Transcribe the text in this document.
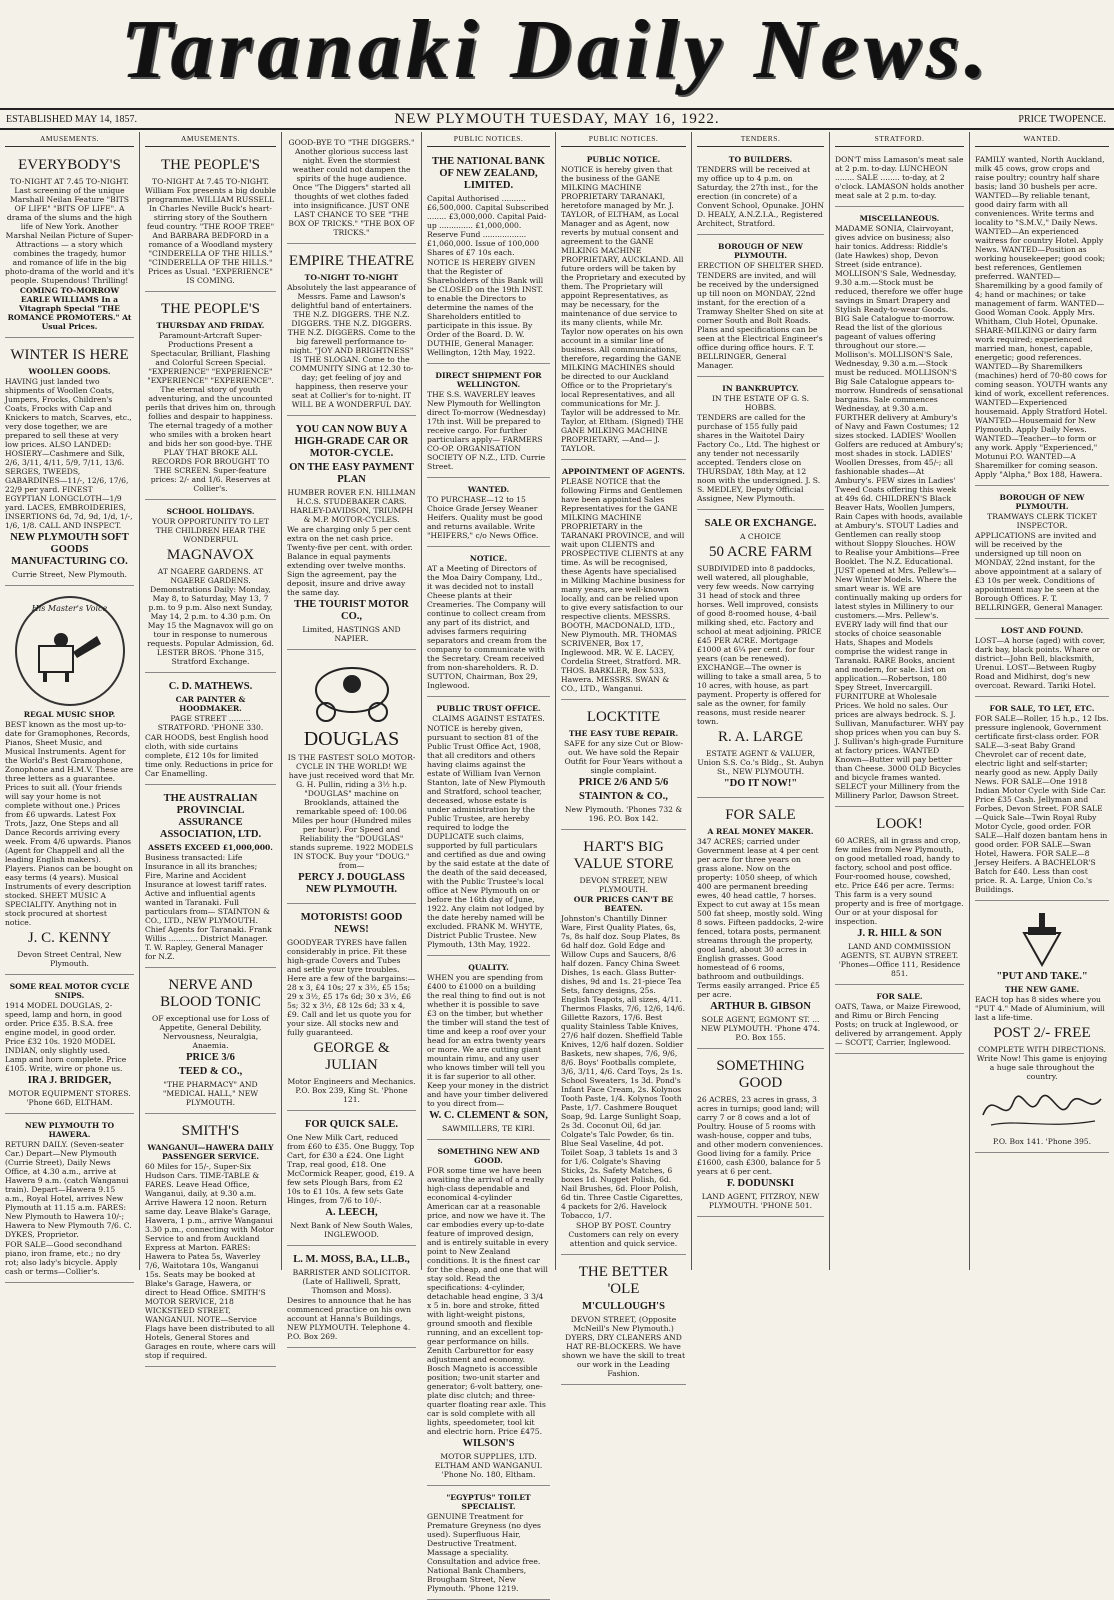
Taranaki Daily News.
ESTABLISHED MAY 14, 1857.	NEW PLYMOUTH TUESDAY, MAY 16, 1922.	PRICE TWOPENCE.
AMUSEMENTS.
EVERYBODY'S

TO-NIGHT AT 7.45 TO-NIGHT. Last screening of the unique Marshall Neilan Feature "BITS OF LIFE" "BITS OF LIFE". A drama of the slums and the high life of New York. Another Marshal Neilan Picture of Super-Attractions — a story which combines the tragedy, humor and romance of life in the big photo-drama of the world and it's people. Stupendous! Thrilling!

COMING TO-MORROW EARLE WILLIAMS In a Vitagraph Special "THE ROMANCE PROMOTERS." At Usual Prices.

WINTER IS HERE

WOOLLEN GOODS.

HAVING just landed two shipments of Woollen Coats, Jumpers, Frocks, Children's Coats, Frocks with Cap and Knickers to match, Scarves, etc., very dose together, we are prepared to sell these at very low prices. ALSO LANDED: HOSIERY—Cashmere and Silk, 2/6, 3/11, 4/11, 5/9, 7/11, 13/6. SERGES, TWEEDS, GABARDINES—11/-, 12/6, 17/6, 22/9 per yard. FINEST EGYPTIAN LONGCLOTH—1/9 yard. LACES, EMBROIDERIES, INSERTIONS 6d, 7d, 9d, 1/d, 1/-, 1/6, 1/8. CALL AND INSPECT.

NEW PLYMOUTH SOFT GOODS MANUFACTURING CO.

Currie Street, New Plymouth.

His Master's Voice

REGAL MUSIC SHOP.

BEST known as the most up-to-date for Gramophones, Records, Pianos, Sheet Music, and Musical Instruments. Agent for the World's Best Gramophone, Zonophone and H.M.V. These are three letters as a guarantee. Prices to suit all. (Your friends will say your home is not complete without one.) Prices from £6 upwards. Latest Fox Trots, Jazz, One Steps and all Dance Records arriving every week. From 4/6 upwards. Pianos (Agent for Chappell and all the leading English makers). Players. Pianos can be bought on easy terms (4 years). Musical Instruments of every description stocked. SHEET MUSIC A SPECIALITY. Anything not in stock procured at shortest notice.

J. C. KENNY

Devon Street Central, New Plymouth.

SOME REAL MOTOR CYCLE SNIPS.

1914 MODEL DOUGLAS, 2-speed, lamp and horn, in good order. Price £35. B.S.A. free engine model, in good order. Price £32 10s. 1920 MODEL INDIAN, only slightly used. Lamp and horn complete. Price £105. Write, wire or phone us.

IRA J. BRIDGER,

MOTOR EQUIPMENT STORES. 'Phone 66D, ELTHAM.

NEW PLYMOUTH TO HAWERA.

RETURN DAILY. (Seven-seater Car.) Depart—New Plymouth (Currie Street), Daily News Office, at 4.30 a.m., arrive at Hawera 9 a.m. (catch Wanganui train). Depart—Hawera 9.15 a.m., Royal Hotel, arrives New Plymouth at 11.15 a.m. FARES: New Plymouth to Hawera 10/-; Hawera to New Plymouth 7/6. C. DYKES, Proprietor.

FOR SALE—Good secondhand piano, iron frame, etc.; no dry rot; also lady's bicycle. Apply cash or terms—Collier's.

AMUSEMENTS.
THE PEOPLE'S

TO-NIGHT At 7.45 TO-NIGHT. William Fox presents a big double programme. WILLIAM RUSSELL In Charles Neville Buck's heart-stirring story of the Southern feud country. "THE ROOF TREE" And BARBARA BEDFORD in a romance of a Woodland mystery "CINDERELLA OF THE HILLS." "CINDERELLA OF THE HILLS." Prices as Usual. "EXPERIENCE" IS COMING.

THE PEOPLE'S

THURSDAY AND FRIDAY.

Paramount-Artcraft Super-Productions Present a Spectacular, Brilliant, Flashing and Colorful Screen Special. "EXPERIENCE" "EXPERIENCE" "EXPERIENCE" "EXPERIENCE". The eternal story of youth adventuring, and the uncounted perils that drives him on, through follies and despair to happiness. The eternal tragedy of a mother who smiles with a broken heart and bids her son good-bye. THE PLAY THAT BROKE ALL RECORDS FOR BROUGHT TO THE SCREEN. Super-feature prices: 2/- and 1/6. Reserves at Collier's.

SCHOOL HOLIDAYS.

YOUR OPPORTUNITY TO LET THE CHILDREN HEAR THE WONDERFUL

MAGNAVOX

AT NGAERE GARDENS. AT NGAERE GARDENS. Demonstrations Daily: Monday, May 8, to Saturday, May 13, 7 p.m. to 9 p.m. Also next Sunday, May 14, 2 p.m. to 4.30 p.m. On May 15 the Magnavox will go on tour in response to numerous requests. Popular Admission, 6d. LESTER BROS. 'Phone 315, Stratford Exchange.

C. D. MATHEWS.

CAR PAINTER & HOODMAKER.

PAGE STREET ......... STRATFORD. 'PHONE 330.

CAR HOODS, best English hood cloth, with side curtains complete, £12 10s for limited time only. Reductions in price for Car Enamelling.

THE AUSTRALIAN PROVINCIAL ASSURANCE ASSOCIATION, LTD.

ASSETS EXCEED £1,000,000.

Business transacted: Life Insurance in all its branches; Fire, Marine and Accident Insurance at lowest tariff rates. Active and influential agents wanted in Taranaki. Full particulars from— STAINTON & CO., LTD., NEW PLYMOUTH. Chief Agents for Taranaki. Frank Willis ............ District Manager. T. W. Rapley, General Manager for N.Z.

NERVE AND BLOOD TONIC

OF exceptional use for Loss of Appetite, General Debility, Nervousness, Neuralgia, Anaemia.

PRICE 3/6
TEED & CO.,

"THE PHARMACY" AND "MEDICAL HALL," NEW PLYMOUTH.

SMITH'S

WANGANUI—HAWERA DAILY PASSENGER SERVICE.

60 Miles for 15/-, Super-Six Hudson Cars. TIME-TABLE & FARES. Leave Head Office, Wanganui, daily, at 9.30 a.m. Arrive Hawera 12 noon. Return same day. Leave Blake's Garage, Hawera, 1 p.m., arrive Wanganui 3.30 p.m., connecting with Motor Service to and from Auckland Express at Marton. FARES: Hawera to Patea 5s, Waverley 7/6, Waitotara 10s, Wanganui 15s. Seats may be booked at Blake's Garage, Hawera, or direct to Head Office. SMITH'S MOTOR SERVICE, 218 WICKSTEED STREET, WANGANUI. NOTE—Service Flags have been distributed to all Hotels, General Stores and Garages en route, where cars will stop if required.

GOOD-BYE TO "THE DIGGERS." Another glorious success last night. Even the stormiest weather could not dampen the spirits of the huge audience. Once "The Diggers" started all thoughts of wet clothes faded into insignificance. JUST ONE LAST CHANCE TO SEE "THE BOX OF TRICKS." "THE BOX OF TRICKS."

EMPIRE THEATRE

TO-NIGHT TO-NIGHT

Absolutely the last appearance of Messrs. Fame and Lawson's delightful band of entertainers. THE N.Z. DIGGERS. THE N.Z. DIGGERS. THE N.Z. DIGGERS. THE N.Z. DIGGERS. Come to the big farewell performance to-night. "JOY AND BRIGHTNESS" IS THE SLOGAN. Come to the COMMUNITY SING at 12.30 to-day; get feeling of joy and happiness, then reserve your seat at Collier's for to-night. IT WILL BE A WONDERFUL DAY.

YOU CAN NOW BUY A HIGH-GRADE CAR OR MOTOR-CYCLE.
ON THE EASY PAYMENT PLAN

HUMBER ROVER F.N. HILLMAN H.C.S. STUDEBAKER CARS. HARLEY-DAVIDSON, TRIUMPH & M.P. MOTOR-CYCLES.

We are charging only 5 per cent extra on the net cash price. Twenty-five per cent. with order. Balance in equal payments extending over twelve months. Sign the agreement, pay the deposit, insure and drive away the same day.

THE TOURIST MOTOR CO.,

Limited, HASTINGS AND NAPIER.

DOUGLAS

IS THE FASTEST SOLO MOTOR-CYCLE IN THE WORLD! WE have just received word that Mr. G. H. Pullin, riding a 3½ h.p. "DOUGLAS" machine on Brooklands, attained the remarkable speed of: 100.06 Miles per hour (Hundred miles per hour). For Speed and Reliability the "DOUGLAS" stands supreme. 1922 MODELS IN STOCK. Buy your "DOUG." from—

PERCY J. DOUGLASS NEW PLYMOUTH.
MOTORISTS! GOOD NEWS!

GOODYEAR TYRES have fallen considerably in price. Fit these high-grade Covers and Tubes and settle your tyre troubles. Here are a few of the bargains:— 28 x 3, £4 10s; 27 x 3½, £5 15s; 29 x 3½, £5 17s 6d; 30 x 3½, £6 5s; 32 x 3½, £8 12s 6d; 33 x 4, £9. Call and let us quote you for your size. All stocks new and fully guaranteed.

GEORGE & JULIAN

Motor Engineers and Mechanics. P.O. Box 239, King St. 'Phone 121.

FOR QUICK SALE.

One New Milk Cart, reduced from £60 to £35. One Buggy, Top Cart, for £30 a £24. One Light Trap, real good, £18. One McCormick Reaper, good, £19. A few sets Plough Bars, from £2 10s to £1 10s. A few sets Gate Hinges, from 7/6 to 10/-.

A. LEECH,

Next Bank of New South Wales, INGLEWOOD.

L. M. MOSS, B.A., LL.B.,

BARRISTER AND SOLICITOR. (Late of Halliwell, Spratt, Thomson and Moss).

Desires to announce that he has commenced practice on his own account at Hanna's Buildings, NEW PLYMOUTH. Telephone 4. P.O. Box 269.

PUBLIC NOTICES.
THE NATIONAL BANK OF NEW ZEALAND, LIMITED.

Capital Authorised .......... £6,500,000. Capital Subscribed ........ £3,000,000. Capital Paid-up .............. £1,000,000. Reserve Fund .................. £1,060,000. Issue of 100,000 Shares of £7 10s each.

NOTICE IS HEREBY GIVEN that the Register of Shareholders of this Bank will be CLOSED on the 19th INST. to enable the Directors to determine the names of the Shareholders entitled to participate in this issue. By Order of the Board. D. W. DUTHIE, General Manager. Wellington, 12th May, 1922.

DIRECT SHIPMENT FOR WELLINGTON.

THE S.S. WAVERLEY leaves New Plymouth for Wellington direct To-morrow (Wednesday) 17th inst. Will be prepared to receive cargo. For further particulars apply— FARMERS CO-OP. ORGANISATION SOCIETY OF N.Z., LTD. Currie Street.

WANTED.

TO PURCHASE—12 to 15 Choice Grade Jersey Weaner Heifers. Quality must be good and returns available. Write "HEIFERS," c/o News Office.

NOTICE.

AT a Meeting of Directors of the Moa Dairy Company, Ltd., it was decided not to install Cheese plants at their Creameries. The Company will continue to collect cream from any part of its district, and advises farmers requiring separators and cream from the company to communicate with the Secretary. Cream received from non-shareholders. R. D. SUTTON, Chairman, Box 29, Inglewood.

PUBLIC TRUST OFFICE.

CLAIMS AGAINST ESTATES.

NOTICE is hereby given, pursuant to section 81 of the Public Trust Office Act, 1908, that all creditors and others having claims against the estate of William Ivan Vernon Stanton, late of New Plymouth and Stratford, school teacher, deceased, whose estate is under administration by the Public Trustee, are hereby required to lodge the DUPLICATE such claims, supported by full particulars and certified as due and owing by the said estate at the date of the death of the said deceased, with the Public Trustee's local office at New Plymouth on or before the 16th day of June, 1922. Any claim not lodged by the date hereby named will be excluded. FRANK M. WHYTE, District Public Trustee. New Plymouth, 13th May, 1922.

QUALITY.

WHEN you are spending from £400 to £1000 on a building the real thing to find out is not whether it is possible to save £3 on the timber, but whether the timber will stand the test of time and keep a roof over your head for an extra twenty years or more. We are cutting giant mountain rimu, and any user who knows timber will tell you it is far superior to all other. Keep your money in the district and have your timber delivered to you direct from—

W. C. CLEMENT & SON,

SAWMILLERS, TE KIRI.

SOMETHING NEW AND GOOD.

FOR some time we have been awaiting the arrival of a really high-class dependable and economical 4-cylinder American car at a reasonable price, and now we have it. The car embodies every up-to-date feature of improved design, and is entirely suitable in every point to New Zealand conditions. It is the finest car for the cheap, and one that will stay sold. Read the specifications: 4-cylinder, detachable head engine, 3 3/4 x 5 in. bore and stroke, fitted with light-weight pistons, ground smooth and flexible running, and an excellent top-gear performance on hills. Zenith Carburettor for easy adjustment and economy. Bosch Magneto is accessible position; two-unit starter and generator; 6-volt battery, one-plate disc clutch; and three-quarter floating rear axle. This car is sold complete with all lights, speedometer, tool kit and electric horn. Price £475.

WILSON'S

MOTOR SUPPLIES, LTD. ELTHAM AND WANGANUI. 'Phone No. 180, Eltham.

"EGYPTUS" TOILET SPECIALIST.

GENUINE Treatment for Premature Greyness (no dyes used). Superfluous Hair, Destructive Treatment. Massage a speciality. Consultation and advice free. National Bank Chambers, Brougham Street, New Plymouth. 'Phone 1219.

PUBLIC NOTICES.

PUBLIC NOTICE.

NOTICE is hereby given that the business of the GANE MILKING MACHINE PROPRIETARY TARANAKI, heretofore managed by Mr. J. TAYLOR, of ELTHAM, as Local Manager and as Agent, now reverts by mutual consent and agreement to the GANE MILKING MACHINE PROPRIETARY, AUCKLAND. All future orders will be taken by the Proprietary and executed by them. The Proprietary will appoint Representatives, as may be necessary, for the maintenance of due service to its many clients, while Mr. Taylor now operates on his own account in a similar line of business. All communications, therefore, regarding the GANE MILKING MACHINES should be directed to our Auckland Office or to the Proprietary's local Representatives, and all communications for Mr. J. Taylor will be addressed to Mr. Taylor, at Eltham. (Signed) THE GANE MILKING MACHINE PROPRIETARY, —And— J. TAYLOR.

APPOINTMENT OF AGENTS.

PLEASE NOTICE that the following Firms and Gentlemen have been appointed Sales Representatives for the GANE MILKING MACHINE PROPRIETARY in the TARANAKI PROVINCE, and will wait upon CLIENTS and PROSPECTIVE CLIENTS at any time. As will be recognised, these Agents have specialised in Milking Machine business for many years, are well-known locally, and can be relied upon to give every satisfaction to our respective clients. MESSRS. BOOTH, MACDONALD, LTD., New Plymouth. MR. THOMAS SCRIVENER, Box 17, Inglewood. MR. W. E. LACEY, Cordelia Street, Stratford. MR. THOS. BARKLER, Box 533, Hawera. MESSRS. SWAN & CO., LTD., Wanganui.

LOCKTITE

THE EASY TUBE REPAIR.

SAFE for any size Cut or Blow-out. We have sold the Repair Outfit for Four Years without a single complaint.

PRICE 2/6 AND 5/6
STAINTON & CO.,

New Plymouth. 'Phones 732 & 196. P.O. Box 142.

HART'S BIG VALUE STORE

DEVON STREET, NEW PLYMOUTH.

OUR PRICES CAN'T BE BEATEN.

Johnston's Chantilly Dinner Ware, First Quality Plates, 6s, 7s, 8s half doz. Soup Plates, 8s 6d half doz. Gold Edge and Willow Cups and Saucers, 8/6 half dozen. Fancy China Sweet Dishes, 1s each. Glass Butter-dishes, 9d and 1s. 21-piece Tea Sets, fancy designs, 25s. English Teapots, all sizes, 4/11. Thermos Flasks, 7/6, 12/6, 14/6. Gillette Razors, 17/6. Best quality Stainless Table Knives, 27/6 half dozen. Sheffield Table Knives, 12/6 half dozen. Soldier Baskets, new shapes, 7/6, 9/6, 8/6. Boys' Footballs complete, 3/6, 3/11, 4/6. Card Toys, 2s 1s. School Sweaters, 1s 3d. Pond's Infant Face Cream, 2s. Kolynos Tooth Paste, 1/4. Kolynos Tooth Paste, 1/7. Cashmere Bouquet Soap, 9d. Large Sunlight Soap, 2s 3d. Coconut Oil, 6d jar. Colgate's Talc Powder, 6s tin. Blue Seal Vaseline, 4d pot. Toilet Soap, 3 tablets 1s and 3 for 1/6. Colgate's Shaving Sticks, 2s. Safety Matches, 6 boxes 1d. Nugget Polish, 6d. Nail Brushes, 6d. Floor Polish, 6d tin. Three Castle Cigarettes, 4 packets for 2/6. Havelock Tobacco, 1/7.

SHOP BY POST. Country Customers can rely on every attention and quick service.

THE BETTER 'OLE
M'CULLOUGH'S

DEVON STREET, (Opposite McNeill's New Plymouth.) DYERS, DRY CLEANERS AND HAT RE-BLOCKERS. We have shown we have the skill to treat our work in the Leading Fashion.

TENDERS.

TO BUILDERS.

TENDERS will be received at my office up to 4 p.m. on Saturday, the 27th inst., for the erection (in concrete) of a Convent School, Opunake. JOHN D. HEALY, A.N.Z.I.A., Registered Architect, Stratford.

BOROUGH OF NEW PLYMOUTH.

ERECTION OF SHELTER SHED.

TENDERS are invited, and will be received by the undersigned up till noon on MONDAY, 22nd instant, for the erection of a Tramway Shelter Shed on site at corner South and Bolt Roads. Plans and specifications can be seen at the Electrical Engineer's office during office hours. F. T. BELLRINGER, General Manager.

IN BANKRUPTCY.

IN THE ESTATE OF G. S. HOBBS.

TENDERS are called for the purchase of 155 fully paid shares in the Waitotel Dairy Factory Co., Ltd. The highest or any tender not necessarily accepted. Tenders close on THURSDAY, 18th May, at 12 noon with the undersigned. J. S. S. MEDLEY, Deputy Official Assignee, New Plymouth.

SALE OR EXCHANGE.

A CHOICE

50 ACRE FARM

SUBDIVIDED into 8 paddocks, well watered, all ploughable, very few weeds. Now carrying 31 head of stock and three horses. Well improved, consists of good 8-roomed house, 4-bail milking shed, etc. Factory and school at meat adjoining. PRICE £45 PER ACRE. Mortgage £1000 at 6¼ per cent. for four years (can be renewed). EXCHANGE—The owner is willing to take a small area, 5 to 10 acres, with house, as part payment. Property is offered for sale as the owner, for family reasons, must reside nearer town.

R. A. LARGE

ESTATE AGENT & VALUER, Union S.S. Co.'s Bldg., St. Aubyn St., NEW PLYMOUTH.

"DO IT NOW!"
FOR SALE

A REAL MONEY MAKER.

347 ACRES; carried under Government lease at 4 per cent per acre for three years on grass alone. Now on the property: 1050 sheep, of which 400 are permanent breeding ewes, 40 head cattle, 7 horses. Expect to cut away at 15s mean 500 fat sheep, mostly sold. Wing 8 sows. Fifteen paddocks, 2-wire fenced, totara posts, permanent streams through the property, good land, about 30 acres in English grasses. Good homestead of 6 rooms, bathroom and outbuildings. Terms easily arranged. Price £5 per acre.

ARTHUR B. GIBSON

SOLE AGENT, EGMONT ST. ... NEW PLYMOUTH. 'Phone 474. P.O. Box 155.

SOMETHING GOOD

26 ACRES, 23 acres in grass, 3 acres in turnips; good land; will carry 7 or 8 cows and a lot of Poultry. House of 5 rooms with wash-house, copper and tubs, and other modern conveniences. Good living for a family. Price £1600, cash £300, balance for 5 years at 6 per cent.

F. DODUNSKI

LAND AGENT, FITZROY, NEW PLYMOUTH. 'PHONE 501.

STRATFORD.

DON'T miss Lamason's meat sale at 2 p.m. to-day. LUNCHEON ........ SALE ........ to-day, at 2 o'clock. LAMASON holds another meat sale at 2 p.m. to-day.

MISCELLANEOUS.

MADAME SONIA, Clairvoyant, gives advice on business; also hair tonics. Address: Riddle's (late Hawkes) shop, Devon Street (side entrance). MOLLISON'S Sale, Wednesday, 9.30 a.m.—Stock must be reduced, therefore we offer huge savings in Smart Drapery and Stylish Ready-to-wear Goods. BIG Sale Catalogue to-morrow. Read the list of the glorious pageant of values offering throughout our store.—Mollison's. MOLLISON'S Sale, Wednesday, 9.30 a.m.—Stock must be reduced. MOLLISON'S Big Sale Catalogue appears to-morrow. Hundreds of sensational bargains. Sale commences Wednesday, at 9.30 a.m. FURTHER delivery at Ambury's of Navy and Fawn Costumes; 12 sizes stocked. LADIES' Woollen Golfers are reduced at Ambury's; most shades in stock. LADIES' Woollen Dresses, from 45/-; all fashionable shades—At Ambury's. FEW sizes in Ladies' Tweed Coats offering this week at 49s 6d. CHILDREN'S Black Beaver Hats, Woollen Jumpers, Rain Capes with hoods, available at Ambury's. STOUT Ladies and Gentlemen can really stoop without Sloppy Slouches. HOW to Realise your Ambitions—Free Booklet. The N.Z. Educational. JUST opened at Mrs. Pellew's—New Winter Models. Where the smart wear is. WE are continually making up orders for latest styles in Millinery to our customers.—Mrs. Pellew's. EVERY lady will find that our stocks of choice seasonable Hats, Shapes and Models comprise the widest range in Taranaki. RARE Books, ancient and modern, for sale. List on application.—Robertson, 180 Spey Street, Invercargill. FURNITURE at Wholesale Prices. We hold no sales. Our prices are always bedrock. S. J. Sullivan, Manufacturer. WHY pay shop prices when you can buy S. J. Sullivan's high-grade Furniture at factory prices. WANTED Known—Butter will pay better than Cheese. 3000 OLD Bicycles and bicycle frames wanted. SELECT your Millinery from the Millinery Parlor, Dawson Street.

LOOK!

60 ACRES, all in grass and crop, few miles from New Plymouth, on good metalled road, handy to factory, school and post office. Four-roomed house, cowshed, etc. Price £46 per acre. Terms: This farm is a very sound property and is free of mortgage. Our or at your disposal for inspection.

J. R. HILL & SON

LAND AND COMMISSION AGENTS, ST. AUBYN STREET. 'Phones—Office 111, Residence 851.

FOR SALE.

OATS, Tawa, or Maize Firewood, and Rimu or Birch Fencing Posts; on truck at Inglewood, or delivered by arrangement. Apply— SCOTT, Carrier, Inglewood.

WANTED.

FAMILY wanted, North Auckland, milk 45 cows, grow crops and raise poultry; country half share basis; land 30 bushels per acre. WANTED—By reliable tenant, good dairy farm with all conveniences. Write terms and locality to "S.M.V.," Daily News. WANTED—An experienced waitress for country Hotel. Apply News. WANTED—Position as working housekeeper; good cook; best references, Gentlemen preferred. WANTED—Sharemilking by a good family of 4; hand or machines; or take management of farm. WANTED—Good Woman Cook. Apply Mrs. Whitham, Club Hotel, Opunake. SHARE-MILKING or dairy farm work required; experienced married man, honest, capable, energetic; good references. WANTED—By Sharemilkers (machines) herd of 70-80 cows for coming season. YOUTH wants any kind of work, excellent references. WANTED—Experienced housemaid. Apply Stratford Hotel. WANTED—Housemaid for New Plymouth. Apply Daily News. WANTED—Teacher—to form or any work. Apply "Experienced," Motunui P.O. WANTED—A Sharemilker for coming season. Apply "Alpha," Box 188, Hawera.

BOROUGH OF NEW PLYMOUTH.

TRAMWAYS CLERK TICKET INSPECTOR.

APPLICATIONS are invited and will be received by the undersigned up till noon on MONDAY, 22nd instant, for the above appointment at a salary of £3 10s per week. Conditions of appointment may be seen at the Borough Offices. F. T. BELLRINGER, General Manager.

LOST AND FOUND.

LOST—A horse (aged) with cover, dark bay, black points. Whare or district—John Bell, blacksmith, Urenui. LOST—Between Rugby Road and Midhirst, dog's new overcoat. Reward. Tariki Hotel.

FOR SALE, TO LET, ETC.

FOR SALE—Roller, 15 h.p., 12 Ibs. pressure inglenook, Government certificate first-class order. FOR SALE—3-seat Baby Grand Chevrolet car of recent date, electric light and self-starter; nearly good as new. Apply Daily News. FOR SALE—One 1918 Indian Motor Cycle with Side Car. Price £35 Cash. Jellyman and Forbes, Devon Street. FOR SALE—Quick Sale—Twin Royal Ruby Motor Cycle, good order. FOR SALE—Half dozen bantam hens in good order. FOR SALE—Swan Hotel, Hawera. FOR SALE—8 Jersey Heifers. A BACHELOR'S Batch for £40. Less than cost price. R. A. Large, Union Co.'s Buildings.

"PUT AND TAKE."

THE NEW GAME.

EACH top has 8 sides where you "PUT 4." Made of Aluminium, will last a life-time.

POST 2/- FREE

COMPLETE WITH DIRECTIONS. Write Now! This game is enjoying a huge sale throughout the country.

P.O. Box 141. 'Phone 395.
